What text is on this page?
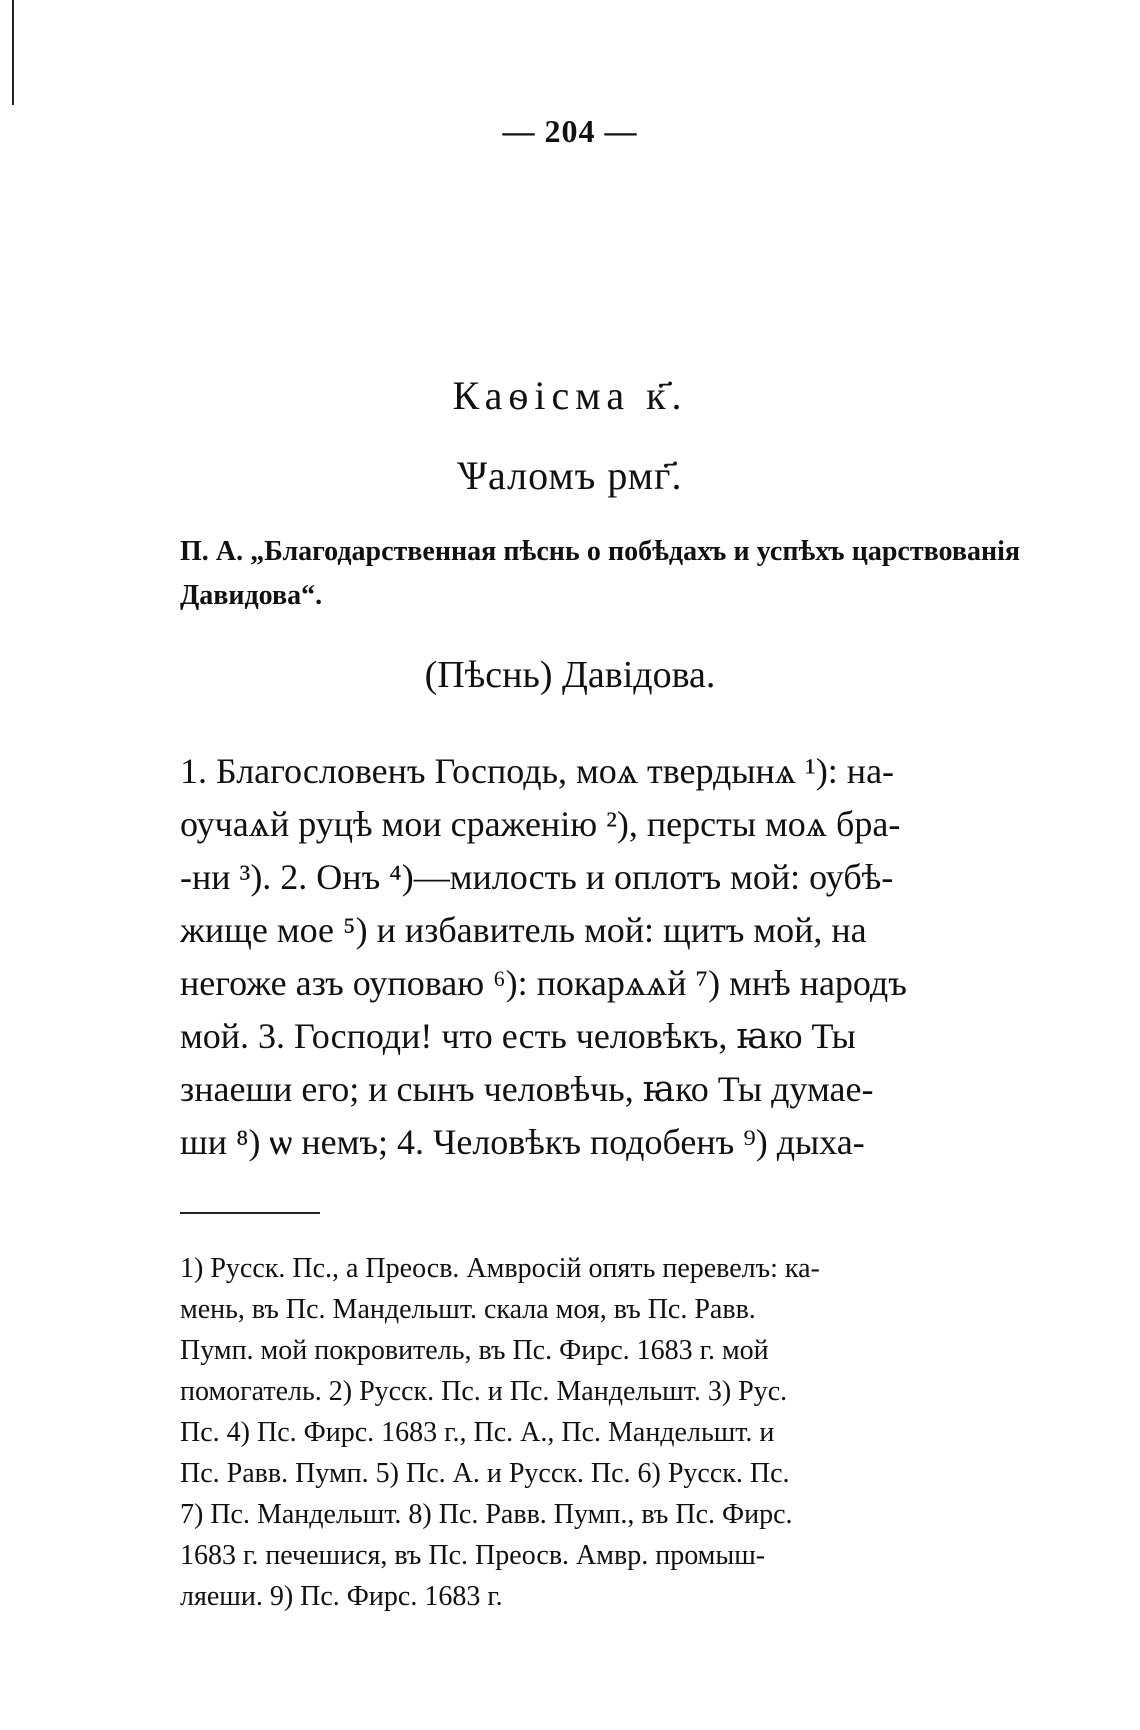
— 204 —
Каѳісма к҃.
Ѱаломъ рмг҃.
П. А. „Благодарственная пѣснь о побѣдахъ и успѣхъ царствованія Давидова“.
(Пѣснь) Давідова.
1. Благословенъ Господь, моѧ твердынѧ ¹): на-
оучаѧй руцѣ мои сраженію ²), персты моѧ бра-
-ни ³). 2. Онъ ⁴)—милость и оплотъ мой: оубѣ-
жище мое ⁵) и избавитель мой: щитъ мой, на
негоже азъ оуповаю ⁶): покарѧѧй ⁷) мнѣ народъ
мой. 3. Господи! что есть человѣкъ, ꙗко Ты
знаеши его; и сынъ человѣчь, ꙗко Ты думае-
ши ⁸) ѡ немъ; 4. Человѣкъ подобенъ ⁹) дыха-
1) Русск. Пс., а Преосв. Амвросій опять перевелъ: ка-
мень, въ Пс. Мандельшт. скала моя, въ Пс. Равв.
Пумп. мой покровитель, въ Пс. Фирс. 1683 г. мой
помогатель. 2) Русск. Пс. и Пс. Мандельшт. 3) Рус.
Пс. 4) Пс. Фирс. 1683 г., Пс. А., Пс. Мандельшт. и
Пс. Равв. Пумп. 5) Пс. А. и Русск. Пс. 6) Русск. Пс.
7) Пс. Мандельшт. 8) Пс. Равв. Пумп., въ Пс. Фирс.
1683 г. печешися, въ Пс. Преосв. Амвр. промыш-
ляеши. 9) Пс. Фирс. 1683 г.
